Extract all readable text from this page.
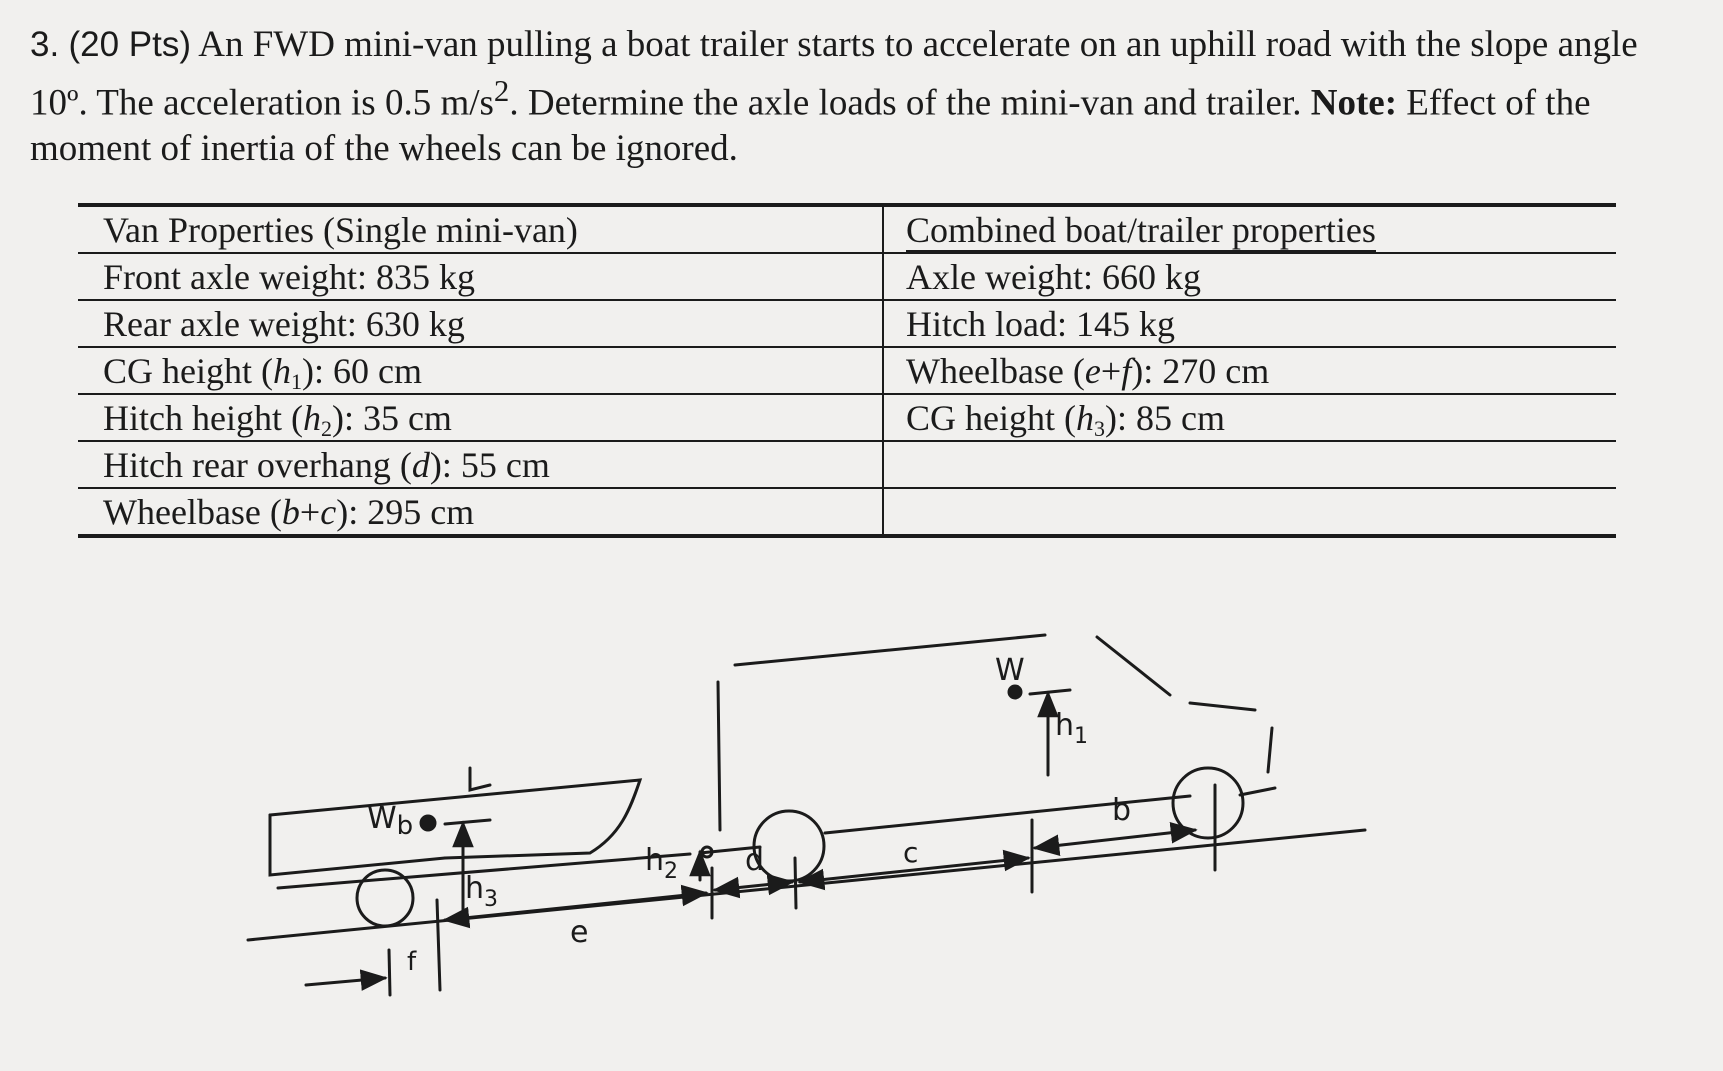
3. (20 Pts) An FWD mini-van pulling a boat trailer starts to accelerate on an uphill road with the slope angle 10º. The acceleration is 0.5 $m/s^2$. Determine the axle loads of the mini-van and trailer. Note: Effect of the moment of inertia of the wheels can be ignored.
Van Properties (Single mini-van)	Combined boat/trailer properties
Front axle weight: 835 kg	Axle weight: 660 kg
Rear axle weight: 630 kg	Hitch load: 145 kg
CG height $(h_1)$: 60 cm	Wheelbase (e+f): 270 cm
Hitch height $(h_2)$: 35 cm	CG height $(h_3)$: 85 cm
Hitch rear overhang (d): 55 cm	
Wheelbase (b+c): 295 cm	
Wb
W
$h_1$
$h_2$
$h_3$
b
c
d
e
f
